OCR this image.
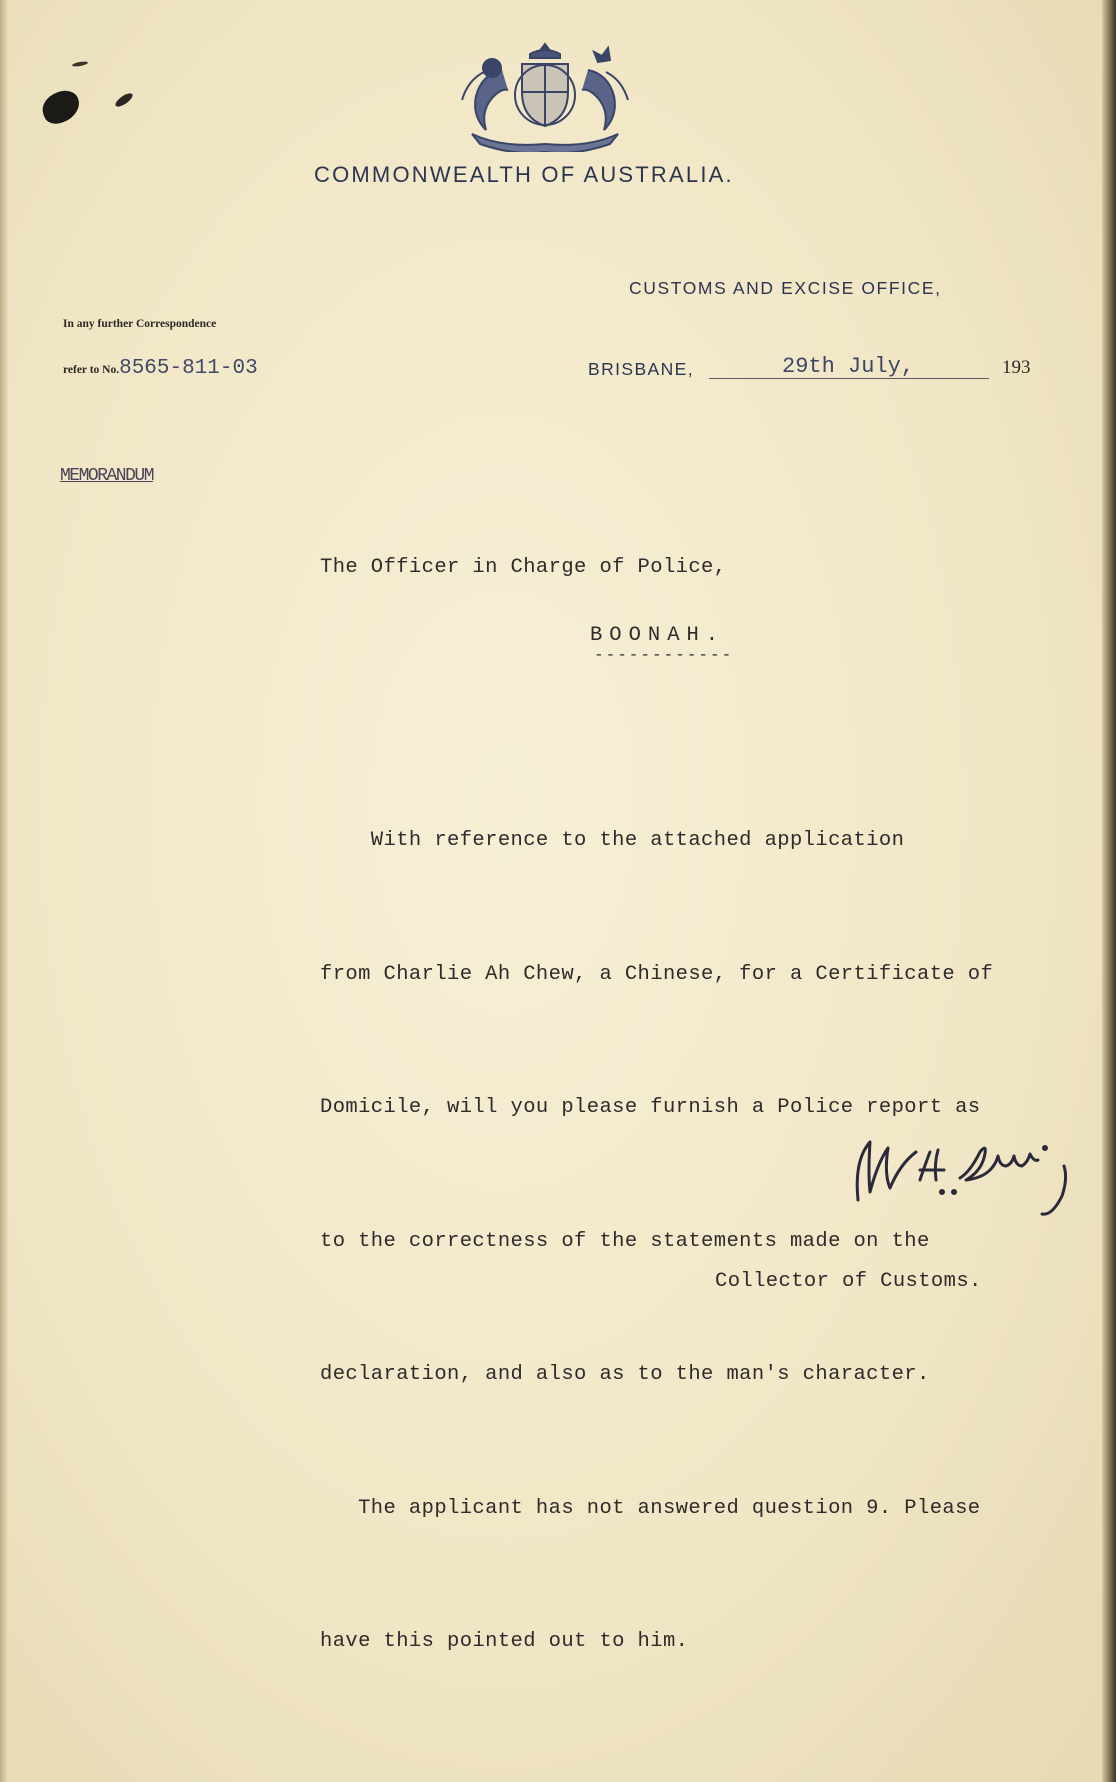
COMMONWEALTH OF AUSTRALIA.
CUSTOMS AND EXCISE OFFICE,
In any further Correspondence
refer to No.8565-811-03	BRISBANE,	29th July,	193
MEMORANDUM
The Officer in Charge of Police,
BOONAH.
------------

With reference to the attached application

from Charlie Ah Chew, a Chinese, for a Certificate of

Domicile, will you please furnish a Police report as

to the correctness of the statements made on the

declaration, and also as to the man's character.

The applicant has not answered question 9. Please

have this pointed out to him.

Collector of Customs.
